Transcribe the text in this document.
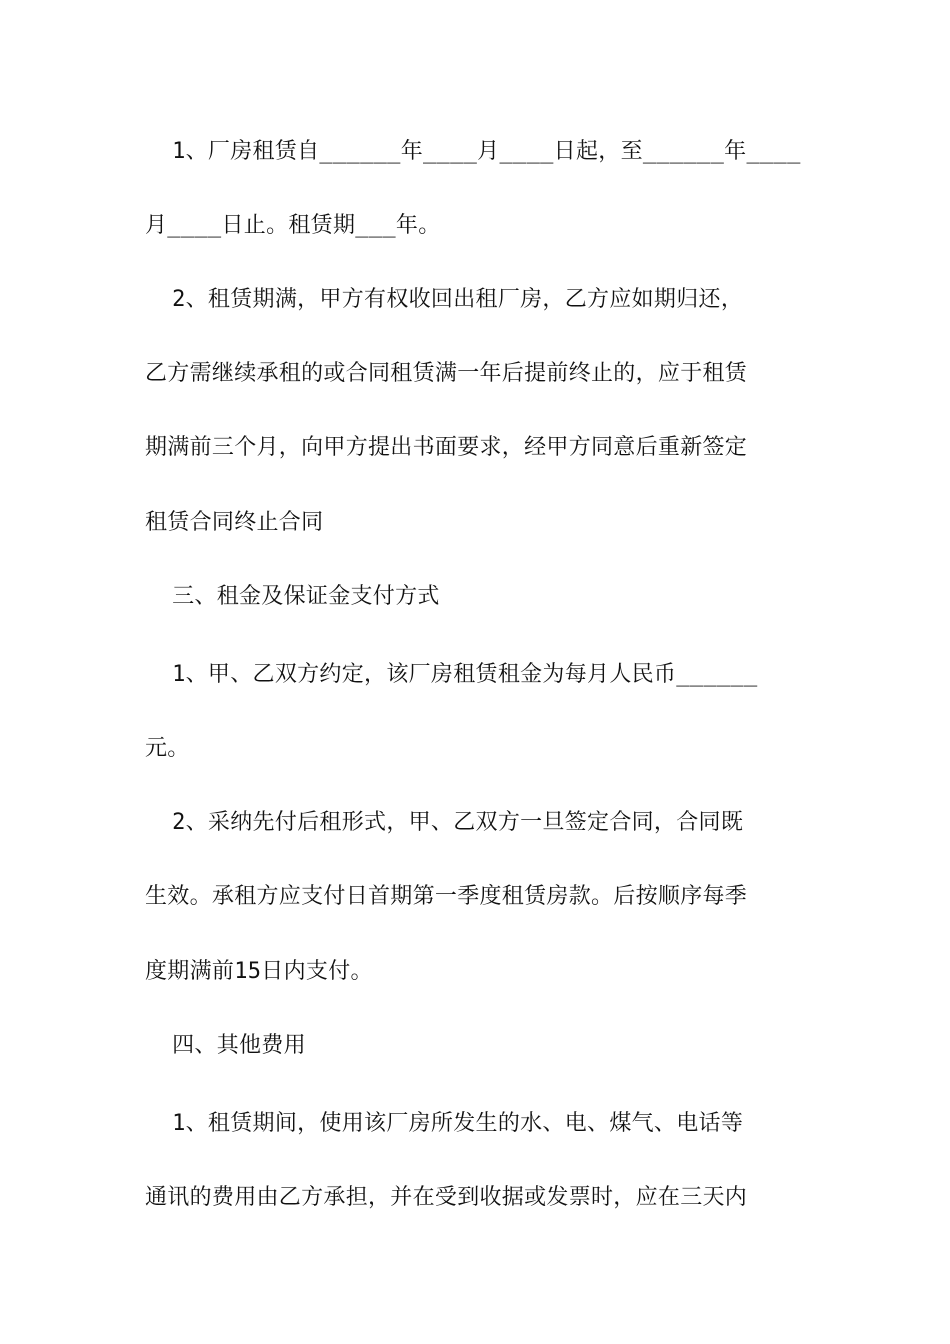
1、厂房租赁自______年____月____日起，至______年____
月____日止。租赁期___年。
2、租赁期满，甲方有权收回出租厂房，乙方应如期归还，
乙方需继续承租的或合同租赁满一年后提前终止的，应于租赁
期满前三个月，向甲方提出书面要求，经甲方同意后重新签定
租赁合同终止合同
三、租金及保证金支付方式
1、甲、乙双方约定，该厂房租赁租金为每月人民币______
元。
2、采纳先付后租形式，甲、乙双方一旦签定合同，合同既
生效。承租方应支付日首期第一季度租赁房款。后按顺序每季
度期满前15日内支付。
四、其他费用
1、租赁期间，使用该厂房所发生的水、电、煤气、电话等
通讯的费用由乙方承担，并在受到收据或发票时，应在三天内
